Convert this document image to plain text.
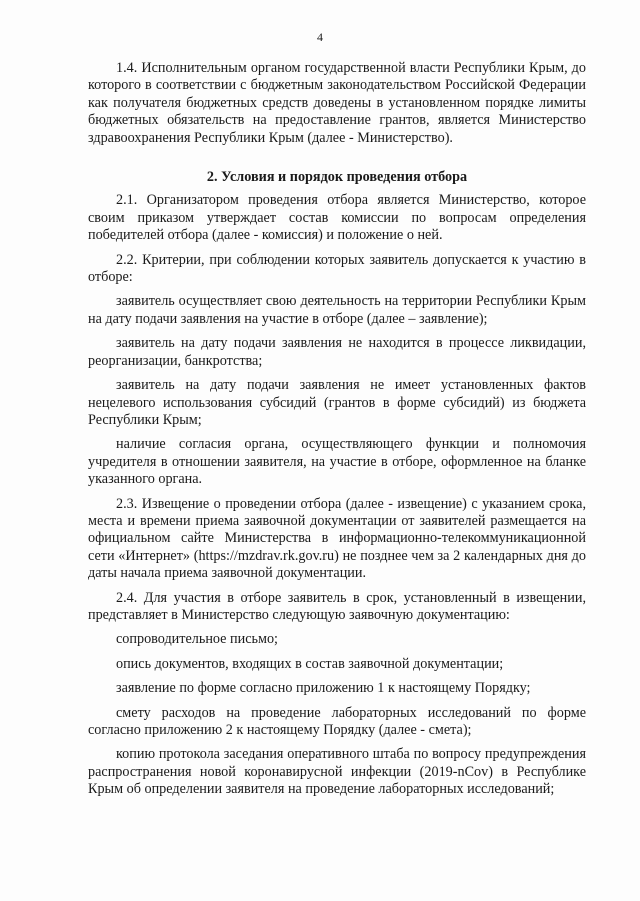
4

1.4. Исполнительным органом государственной власти Республики Крым, до которого в соответствии с бюджетным законодательством Российской Федерации как получателя бюджетных средств доведены в установленном порядке лимиты бюджетных обязательств на предоставление грантов, является Министерство здравоохранения Республики Крым (далее - Министерство).

2. Условия и порядок проведения отбора

2.1. Организатором проведения отбора является Министерство, которое своим приказом утверждает состав комиссии по вопросам определения победителей отбора (далее - комиссия) и положение о ней.

2.2. Критерии, при соблюдении которых заявитель допускается к участию в отборе:

заявитель осуществляет свою деятельность на территории Республики Крым на дату подачи заявления на участие в отборе (далее – заявление);

заявитель на дату подачи заявления не находится в процессе ликвидации, реорганизации, банкротства;

заявитель на дату подачи заявления не имеет установленных фактов нецелевого использования субсидий (грантов в форме субсидий) из бюджета Республики Крым;

наличие согласия органа, осуществляющего функции и полномочия учредителя в отношении заявителя, на участие в отборе, оформленное на бланке указанного органа.

2.3. Извещение о проведении отбора (далее - извещение) с указанием срока, места и времени приема заявочной документации от заявителей размещается на официальном сайте Министерства в информационно-телекоммуникационной сети «Интернет» (https://mzdrav.rk.gov.ru) не позднее чем за 2 календарных дня до даты начала приема заявочной документации.

2.4. Для участия в отборе заявитель в срок, установленный в извещении, представляет в Министерство следующую заявочную документацию:

сопроводительное письмо;

опись документов, входящих в состав заявочной документации;

заявление по форме согласно приложению 1 к настоящему Порядку;

смету расходов на проведение лабораторных исследований по форме согласно приложению 2 к настоящему Порядку (далее - смета);

копию протокола заседания оперативного штаба по вопросу предупреждения распространения новой коронавирусной инфекции (2019-nCov) в Республике Крым об определении заявителя на проведение лабораторных исследований;
